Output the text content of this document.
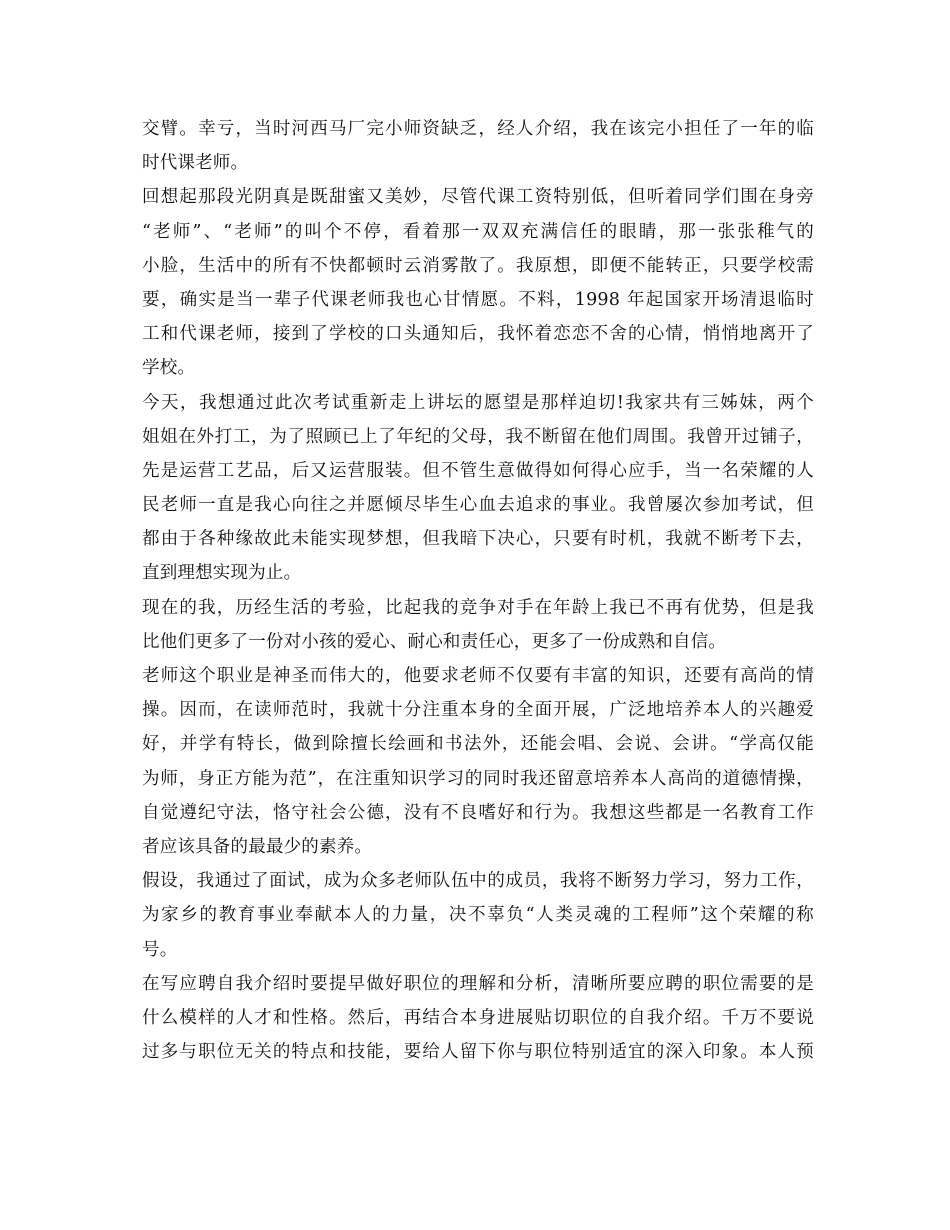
交臂。幸亏，当时河西马厂完小师资缺乏，经人介绍，我在该完小担任了一年的临
时代课老师。
回想起那段光阴真是既甜蜜又美妙，尽管代课工资特别低，但听着同学们围在身旁
“老师”、“老师”的叫个不停，看着那一双双充满信任的眼睛，那一张张稚气的
小脸，生活中的所有不快都顿时云消雾散了。我原想，即便不能转正，只要学校需
要，确实是当一辈子代课老师我也心甘情愿。不料，1998 年起国家开场清退临时
工和代课老师，接到了学校的口头通知后，我怀着恋恋不舍的心情，悄悄地离开了
学校。
今天，我想通过此次考试重新走上讲坛的愿望是那样迫切!我家共有三姊妹，两个
姐姐在外打工，为了照顾已上了年纪的父母，我不断留在他们周围。我曾开过铺子，
先是运营工艺品，后又运营服装。但不管生意做得如何得心应手，当一名荣耀的人
民老师一直是我心向往之并愿倾尽毕生心血去追求的事业。我曾屡次参加考试，但
都由于各种缘故此未能实现梦想，但我暗下决心，只要有时机，我就不断考下去，
直到理想实现为止。
现在的我，历经生活的考验，比起我的竞争对手在年龄上我已不再有优势，但是我
比他们更多了一份对小孩的爱心、耐心和责任心，更多了一份成熟和自信。
老师这个职业是神圣而伟大的，他要求老师不仅要有丰富的知识，还要有高尚的情
操。因而，在读师范时，我就十分注重本身的全面开展，广泛地培养本人的兴趣爱
好，并学有特长，做到除擅长绘画和书法外，还能会唱、会说、会讲。“学高仅能
为师，身正方能为范”，在注重知识学习的同时我还留意培养本人高尚的道德情操，
自觉遵纪守法，恪守社会公德，没有不良嗜好和行为。我想这些都是一名教育工作
者应该具备的最最少的素养。
假设，我通过了面试，成为众多老师队伍中的成员，我将不断努力学习，努力工作，
为家乡的教育事业奉献本人的力量，决不辜负“人类灵魂的工程师”这个荣耀的称
号。
在写应聘自我介绍时要提早做好职位的理解和分析，清晰所要应聘的职位需要的是
什么模样的人才和性格。然后，再结合本身进展贴切职位的自我介绍。千万不要说
过多与职位无关的特点和技能，要给人留下你与职位特别适宜的深入印象。本人预
